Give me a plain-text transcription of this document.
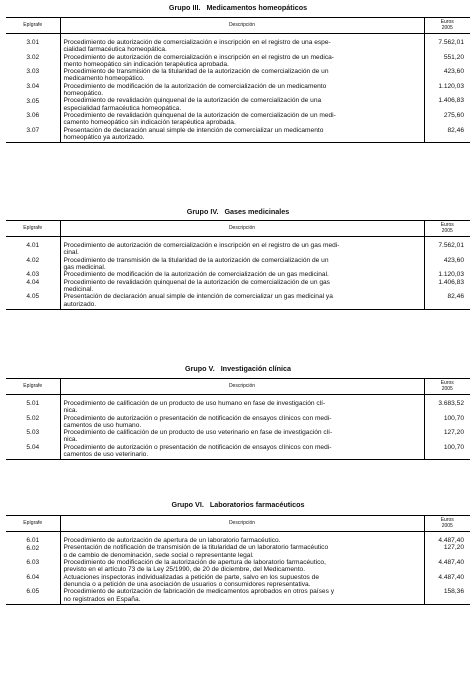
Grupo III. Medicamentos homeopáticos
Epígrafe	Descripción	Euros
2005

3.01	Procedimiento de autorización de comercialización e inscripción en el registro de una espe-
cialidad farmacéutica homeopática.	7.562,01
3.02	Procedimiento de autorización de comercialización e inscripción en el registro de un medica-
mento homeopático sin indicación terapéutica aprobada.	551,20
3.03	Procedimiento de transmisión de la titularidad de la autorización de comercialización de un
medicamento homeopático.	423,60
3.04	Procedimiento de modificación de la autorización de comercialización de un medicamento
homeopático.	1.120,03
3.05	Procedimiento de revalidación quinquenal de la autorización de comercialización de una
especialidad farmacéutica homeopática.	1.406,83
3.06	Procedimiento de revalidación quinquenal de la autorización de comercialización de un medi-
camento homeopático sin indicación terapéutica aprobada.	275,60
3.07	Presentación de declaración anual simple de intención de comercializar un medicamento
homeopático ya autorizado.	82,46
Grupo IV. Gases medicinales
Epígrafe	Descripción	Euros
2005

4.01	Procedimiento de autorización de comercialización e inscripción en el registro de un gas medi-
cinal.	7.562,01
4.02	Procedimiento de transmisión de la titularidad de la autorización de comercialización de un
gas medicinal.	423,60
4.03	Procedimiento de modificación de la autorización de comercialización de un gas medicinal.	1.120,03
4.04	Procedimiento de revalidación quinquenal de la autorización de comercialización de un gas
medicinal.	1.406,83
4.05	Presentación de declaración anual simple de intención de comercializar un gas medicinal ya
autorizado.	82,46
Grupo V. Investigación clínica
Epígrafe	Descripción	Euros
2005

5.01	Procedimiento de calificación de un producto de uso humano en fase de investigación clí-
nica.	3.683,52
5.02	Procedimiento de autorización o presentación de notificación de ensayos clínicos con medi-
camentos de uso humano.	100,70
5.03	Procedimiento de calificación de un producto de uso veterinario en fase de investigación clí-
nica.	127,20
5.04	Procedimiento de autorización o presentación de notificación de ensayos clínicos con medi-
camentos de uso veterinario.	100,70
Grupo VI. Laboratorios farmacéuticos
Epígrafe	Descripción	Euros
2005

6.01	Procedimiento de autorización de apertura de un laboratorio farmacéutico.	4.487,40
6.02	Presentación de notificación de transmisión de la titularidad de un laboratorio farmacéutico
o de cambio de denominación, sede social o representante legal.	127,20
6.03	Procedimiento de modificación de la autorización de apertura de laboratorio farmacéutico,
previsto en el artículo 73 de la Ley 25/1990, de 20 de diciembre, del Medicamento.	4.487,40
6.04	Actuaciones inspectoras individualizadas a petición de parte, salvo en los supuestos de
denuncia o a petición de una asociación de usuarios o consumidores representativa.	4.487,40
6.05	Procedimiento de autorización de fabricación de medicamentos aprobados en otros países y
no registrados en España.	158,36
